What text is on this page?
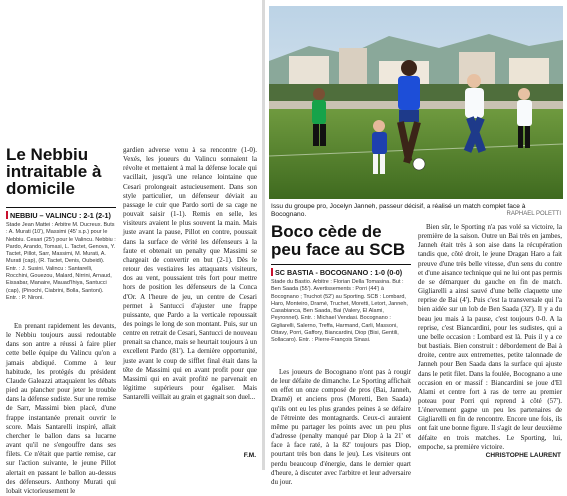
Le Nebbiu intraitable à domicile
NEBBIU – VALINCU : 2-1 (2-1)
Stade Jean Mattei : Arbitre M. Ducreux. Buts : A. Murati (10'), Massimi (45' s.p.) pour le Nebbiu. Cesari (25') pour le Valincu. Nebbiu : Pardo, Arando, Tomasi, L. Tactet, Genova, Y. Tactet, Pillot, Sarr, Massimi, M. Murati, A. Murati (cap), (R. Tactet, Denis, Oubeidi). Entr. : J. Susini. Valincu : Santarelli, Rocchini, Gouezou, Malard, Nirrini, Arnaud, Eissabar, Manaire, Mauad'Ihiya, Santucci (cap), (Pinochi, Ciabrini, Bolla, Santoni). Entr. : P. Nironi.

En prenant rapidement les devants, le Nebbiu toujours aussi redoutable dans son antre a réussi à faire plier cette belle équipe du Valincu qu'on a jamais abdiqué. Comme à leur habitude, les protégés du président Claude Galeazzi attaquaient les débats pied au plancher pour jeter le trouble dans la défense sudiste. Sur une remise de Sarr, Massimi bien placé, d'une frappe instantanée prenait ouvrir le score. Mais Santarelli inspiré, allait chercher le ballon dans sa lucarne avant qu'il ne s'engouffre dans ses filets. Ce n'était que partie remise, car sur l'action suivante, le jeune Pillot alertait en passant le ballon au-dessus des défenseurs. Anthony Murati qui lobait victorieusement le

gardien adverse venu à sa rencontre (1-0). Vexés, les joueurs du Valincu sonnaient la révolte et mettaient à mal la défense locale qui vacillait, jusqu'à une relance lointaine que Cesari prolongeait astucieusement. Dans son style particulier, un défenseur déviait au passage le cuir que Pardo sorti de sa cage ne pouvait saisir (1-1). Remis en selle, les visiteurs avaient le plus souvent la main. Mais juste avant la pause, Pillot en contre, poussait dans la surface de vérité les défenseurs à la faute et obtenait un penalty que Massimi se chargeait de convertir en but (2-1). Dès le retour des vestiaires les attaquants visiteurs, dos au vent, poussaient très fort pour mettre hors de position les défenseurs de la Conca d'Or. A l'heure de jeu, un centre de Cesari permet à Santucci d'ajuster une frappe puissante, que Pardo a la verticale repoussait des poings le long de son montant. Puis, sur un centre en retrait de Cesari, Santucci de nouveau prenait sa chance, mais se heurtait toujours à un excellent Pardo (81'). La dernière opportunité, juste avant le coup de sifflet final était dans la tête de Massimi qui en avant profit pour que Massimi qui en avait profité ne parvenait en légitime supérieurs pour égaliser. Mais Santarelli veillait au grain et gagnait son duel...

F.M.
Issu du groupe pro, Jocelyn Janneh, passeur décisif, a réalisé un match complet face à Bocognano.	RAPHAEL POLETTI
Boco cède de peu face au SCB
SC BASTIA - BOCOGNANO : 1-0 (0-0)
Stade du Bastio. Arbitre : Florian Della Tomasina. But : Ben Saada (55'). Avertissements : Porri (44') à Bocognano ; Truchot (52') au Sporting. SCB : Lombard, Haro, Monteiro, Dramé, Truchet, Moretti, Letort, Janneh, Casabianca, Ben Saada, Bai (Valery, El Alami, Peyronnet). Entr. : Michael Vendasi. Bocognano : Gigliarelli, Salerno, Treffa, Harmand, Carli, Massoni, Ottavy, Porri, Gaffory, Biancardini, Diop (Bisi, Gentili, Sollacaro). Entr. : Pierre-François Sinasi.

Les joueurs de Bocognano n'ont pas à rougir de leur défaite de dimanche. Le Sporting affichait en effet un onze composé de pros (Bai, Janneh, Dramé) et anciens pros (Moretti, Ben Saada) qu'ils ont eu les plus grandes peines à se défaire de l'étreinte des montagnards. Ceux-ci auraient même pu partager les points avec un peu plus d'adresse (penalty manqué par Diop à la 21' et face à face raté, à la 82' toujours pas Diop, pourtant très bon dans le jeu). Les visiteurs ont perdu beaucoup d'énergie, dans le dernier quart d'heure, à discuter avec l'arbitre et leur adversaire du jour.

Bien sûr, le Sporting n'a pas volé sa victoire, la première de la saison. Outre un Bai très en jambes, Janneh était très à son aise dans la récupération tandis que, côté droit, le jeune Dragan Haro a fait preuve d'une très belle vitesse, d'un sens du contre et d'une aisance technique qui ne lui ont pas permis de se démarquer du gauche en fin de match. Gigliarelli a ainsi sauvé d'une belle claquette une reprise de Bai (4'). Puis c'est la transversale qui l'a bien aidée sur un lob de Ben Saada (32'). Il y a du beau jeu mais à la pause, c'est toujours 0-0. A la reprise, c'est Biancardini, pour les sudistes, qui a une belle occasion : Lombard est là. Puis il y a ce but bastiais. Bien construit : débordement de Bai à droite, centre aux entremettes, petite talonnade de Janneh pour Ben Saada dans la surface qui ajuste dans le petit filet. Dans la foulée, Bocognano a une occasion en or massif : Biancardini se joue d'El Alami et centre fort à ras de terre au premier poteau pour Porri qui reprend à côté (57'). L'énervement gagne un peu les partenaires de Gigliarelli en fin de rencontre. Encore une fois, ils ont fait une bonne figure. Il s'agit de leur deuxième défaite en trois matches. Le Sporting, lui, empoche, sa première victoire.

CHRISTOPHE LAURENT
